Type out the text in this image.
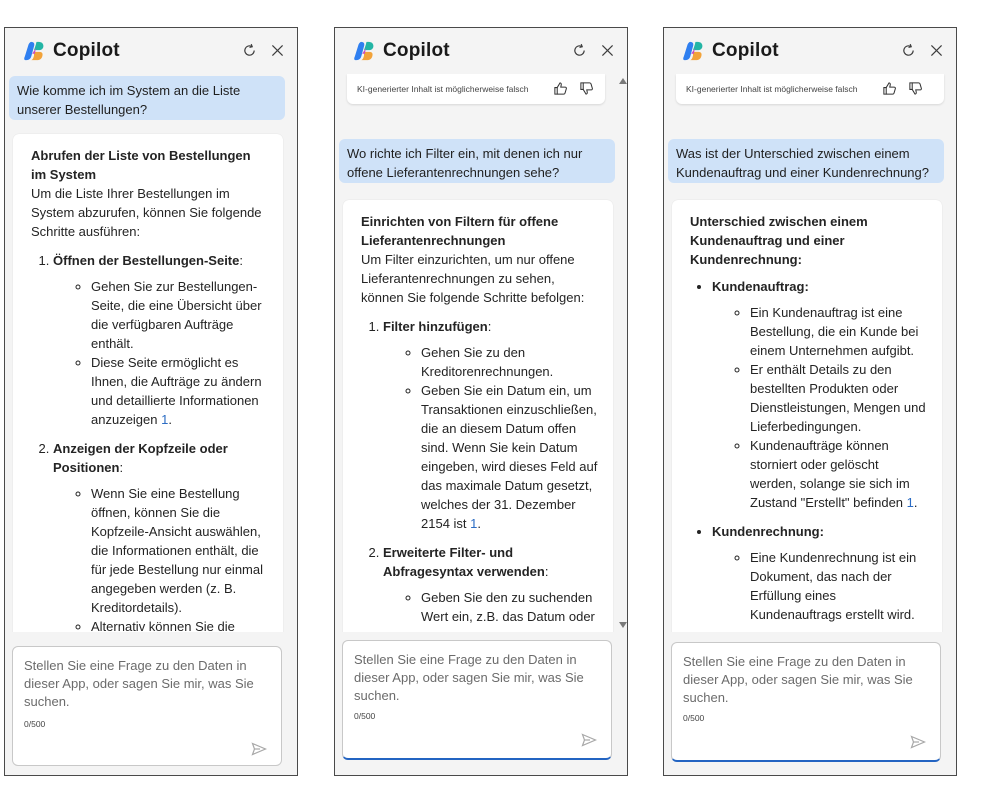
Copilot
Wie komme ich im System an die Liste unserer Bestellungen?

Abrufen der Liste von Bestellungen im System

Um die Liste Ihrer Bestellungen im System abzurufen, können Sie folgende Schritte ausführen:

1. Öffnen der Bestellungen-Seite:
◦ Gehen Sie zur Bestellungen-Seite, die eine Übersicht über die verfügbaren Aufträge enthält.
◦ Diese Seite ermöglicht es Ihnen, die Aufträge zu ändern und detaillierte Informationen anzuzeigen 1.
2. Anzeigen der Kopfzeile oder Positionen:
◦ Wenn Sie eine Bestellung öffnen, können Sie die Kopfzeile-Ansicht auswählen, die Informationen enthält, die für jede Bestellung nur einmal angegeben werden (z. B. Kreditordetails).
◦ Alternativ können Sie die
Stellen Sie eine Frage zu den Daten in dieser App, oder sagen Sie mir, was Sie suchen.
0/500
Copilot
KI-generierter Inhalt ist möglicherweise falsch
Wo richte ich Filter ein, mit denen ich nur offene Lieferantenrechnungen sehe?

Einrichten von Filtern für offene Lieferantenrechnungen

Um Filter einzurichten, um nur offene Lieferantenrechnungen zu sehen, können Sie folgende Schritte befolgen:

1. Filter hinzufügen:
◦ Gehen Sie zu den Kreditorenrechnungen.
◦ Geben Sie ein Datum ein, um Transaktionen einzuschließen, die an diesem Datum offen sind. Wenn Sie kein Datum eingeben, wird dieses Feld auf das maximale Datum gesetzt, welches der 31. Dezember 2154 ist 1.
2. Erweiterte Filter- und Abfragesyntax verwenden:
◦ Geben Sie den zu suchenden Wert ein, z.B. das Datum oder
Stellen Sie eine Frage zu den Daten in dieser App, oder sagen Sie mir, was Sie suchen.
0/500
Copilot
KI-generierter Inhalt ist möglicherweise falsch
Was ist der Unterschied zwischen einem Kundenauftrag und einer Kundenrechnung?

Unterschied zwischen einem Kundenauftrag und einer Kundenrechnung:

• Kundenauftrag:
◦ Ein Kundenauftrag ist eine Bestellung, die ein Kunde bei einem Unternehmen aufgibt.
◦ Er enthält Details zu den bestellten Produkten oder Dienstleistungen, Mengen und Lieferbedingungen.
◦ Kundenaufträge können storniert oder gelöscht werden, solange sie sich im Zustand "Erstellt" befinden 1.
• Kundenrechnung:
◦ Eine Kundenrechnung ist ein Dokument, das nach der Erfüllung eines Kundenauftrags erstellt wird.
Stellen Sie eine Frage zu den Daten in dieser App, oder sagen Sie mir, was Sie suchen.
0/500
